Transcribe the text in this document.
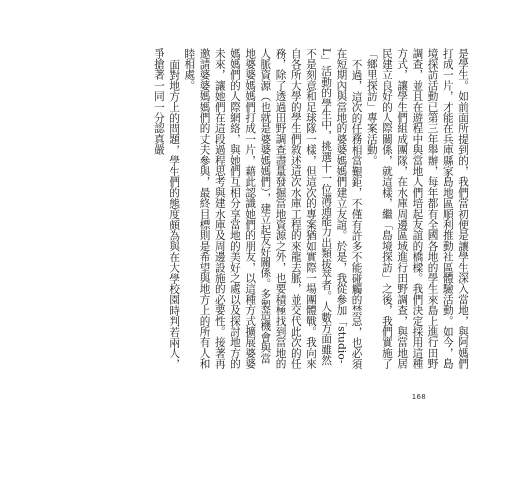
是學生。如前面所提到的，我們當初便是讓學生深入當地，與阿媽們打成一片，才能在兵庫縣家島地區順利推動社區體驗活動。如今，島境探訪活動已第三年舉辦，每年都有全國各地的學生來島上進行田野調查，並且在遊程中與當地人們培起友誼的橋樑。我們決定採用這種方式，讓學生們組成團隊，在水庫周邊區域進行田野調查，與當地居民建立良好的人際關係，就這樣，繼「島境探訪」之後，我們實施了「鄉里探訪」專案活動。

不過，這次的任務相當艱鉅，不僅有許多不能碰觸的禁忌，也必須在短期內與當地的婆婆媽媽們建立友誼。於是，我從參加「studio-L」活動的學生中，挑選十一位溝通能力出類拔萃者。人數方面雖然不是刻意和足球隊一樣，但這次的專案猶如實際一場團體戰。我向來自各所大學的學生們敘述這次水庫工程的來龍去脈，並交代此次的任務，除了透過田野調查盡量發掘當地資源之外，也要積極找到當地的人脈資源（也就是婆婆媽媽們），建立起友好關係。多製造機會與當地婆婆媽媽們打成一片，藉此認識她們的朋友，以這種方式擴展婆婆媽媽們的人際網絡，與她們互相分享當地的美好之處以及探討地方的未來，讓她們在這段過程思考與建水庫及周邊設施的必要性。接著再邀請婆婆媽媽們的丈夫參與，最終目標則是希望與地方上的所有人和睦相處。

面對地方上的問題，學生們的態度頗為與在大學校園時判若兩人，爭搶著一同一分認真嚴

168
